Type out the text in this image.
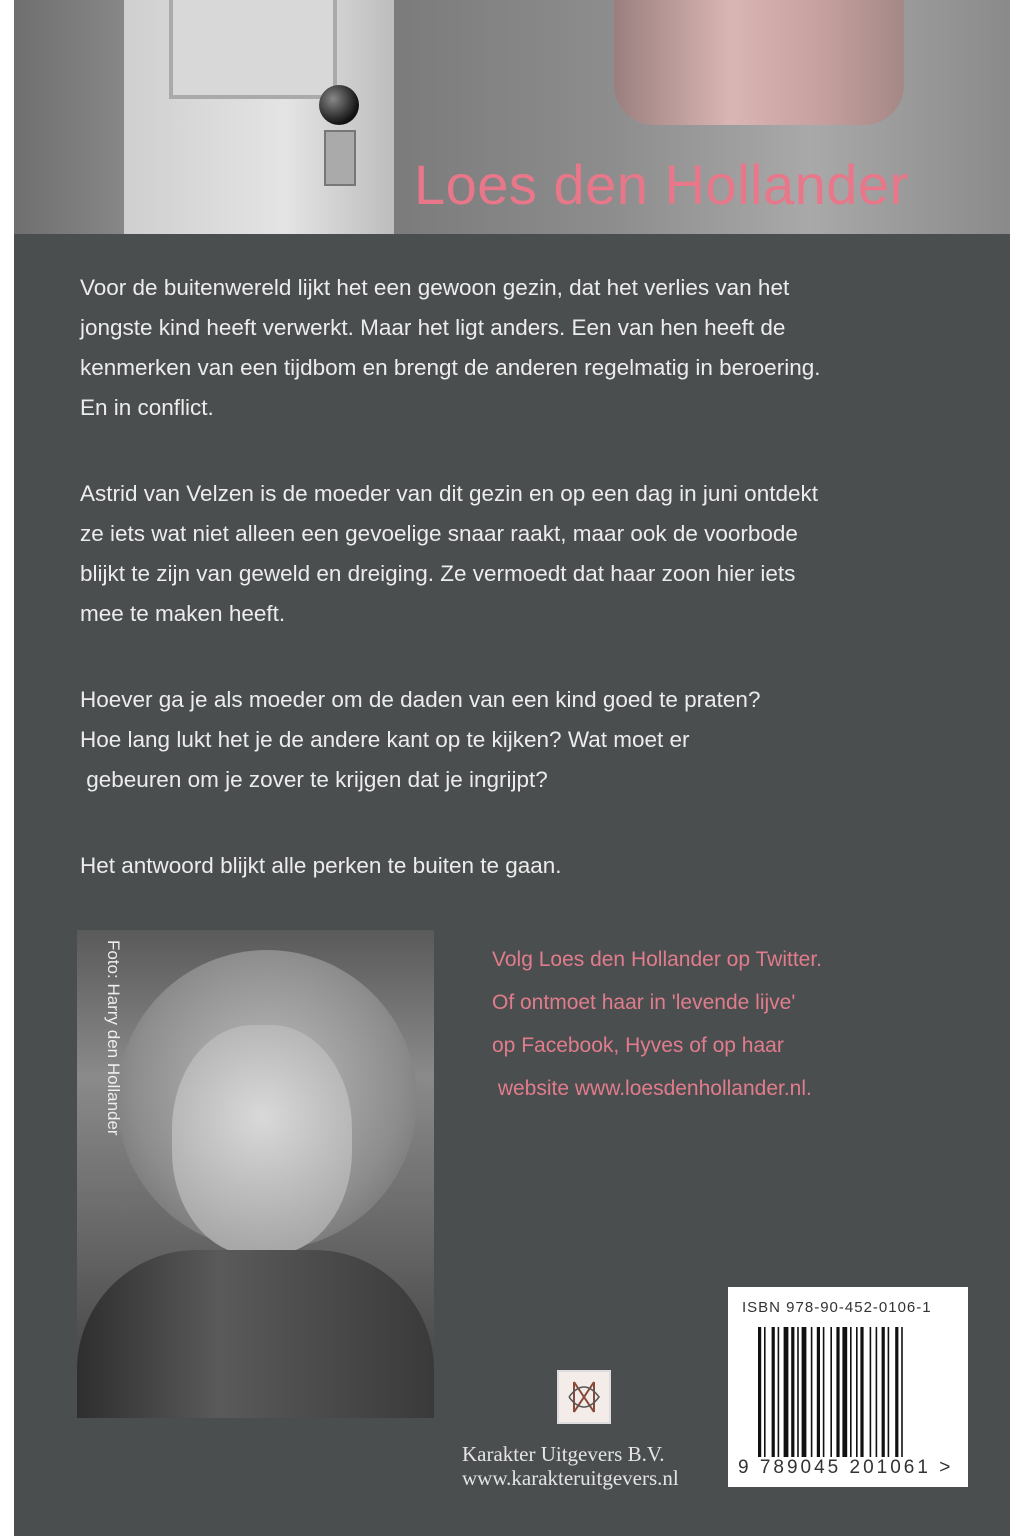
Loes den Hollander

Voor de buitenwereld lijkt het een gewoon gezin, dat het verlies van het
jongste kind heeft verwerkt. Maar het ligt anders. Een van hen heeft de
kenmerken van een tijdbom en brengt de anderen regelmatig in beroering.
En in conflict.

Astrid van Velzen is de moeder van dit gezin en op een dag in juni ontdekt
ze iets wat niet alleen een gevoelige snaar raakt, maar ook de voorbode
blijkt te zijn van geweld en dreiging. Ze vermoedt dat haar zoon hier iets
mee te maken heeft.

Hoever ga je als moeder om de daden van een kind goed te praten?
Hoe lang lukt het je de andere kant op te kijken? Wat moet er
gebeuren om je zover te krijgen dat je ingrijpt?

Het antwoord blijkt alle perken te buiten te gaan.

Foto: Harry den Hollander	Volg Loes den Hollander op Twitter.
Of ontmoet haar in 'levende lijve'
op Facebook, Hyves of op haar
website www.loesdenhollander.nl.
Karakter Uitgevers B.V.
www.karakteruitgevers.nl
ISBN 978-90-452-0106-1
9 789045 201061 >
